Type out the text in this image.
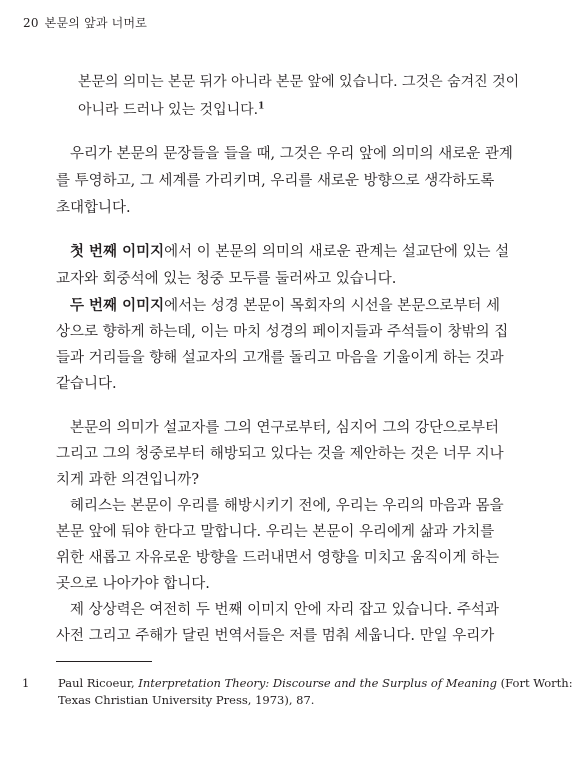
20 본문의 앞과 너머로
본문의 의미는 본문 뒤가 아니라 본문 앞에 있습니다. 그것은 숨겨진 것이
아니라 드러나 있는 것입니다.$^1$
우리가 본문의 문장들을 들을 때, 그것은 우리 앞에 의미의 새로운 관계
를 투영하고, 그 세계를 가리키며, 우리를 새로운 방향으로 생각하도록
초대합니다.
첫 번째 이미지에서 이 본문의 의미의 새로운 관계는 설교단에 있는 설
교자와 회중석에 있는 청중 모두를 둘러싸고 있습니다.
두 번째 이미지에서는 성경 본문이 목회자의 시선을 본문으로부터 세
상으로 향하게 하는데, 이는 마치 성경의 페이지들과 주석들이 창밖의 집
들과 거리들을 향해 설교자의 고개를 돌리고 마음을 기울이게 하는 것과
같습니다.
본문의 의미가 설교자를 그의 연구로부터, 심지어 그의 강단으로부터
그리고 그의 청중로부터 해방되고 있다는 것을 제안하는 것은 너무 지나
치게 과한 의견입니까?
헤리스는 본문이 우리를 해방시키기 전에, 우리는 우리의 마음과 몸을
본문 앞에 둬야 한다고 말합니다. 우리는 본문이 우리에게 삶과 가치를
위한 새롭고 자유로운 방향을 드러내면서 영향을 미치고 움직이게 하는
곳으로 나아가야 합니다.
제 상상력은 여전히 두 번째 이미지 안에 자리 잡고 있습니다. 주석과
사전 그리고 주해가 달린 번역서들은 저를 멈춰 세웁니다. 만일 우리가
1 Paul Ricoeur, Interpretation Theory: Discourse and the Surplus of Meaning (Fort Worth:
Texas Christian University Press, 1973), 87.
